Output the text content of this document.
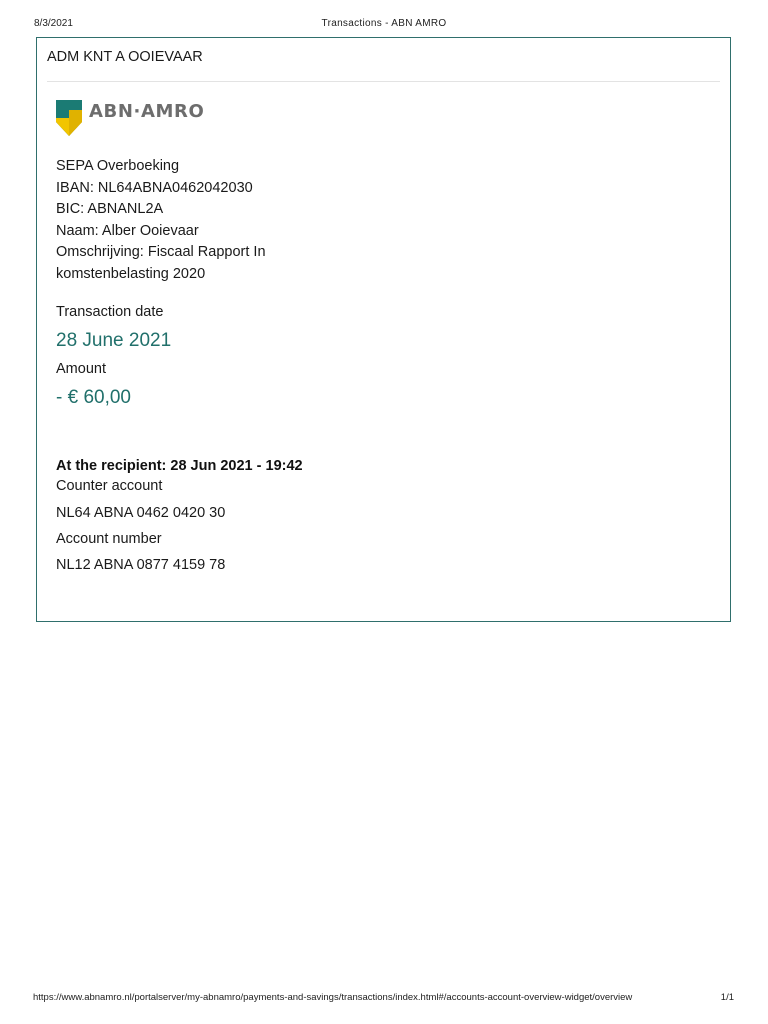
8/3/2021	Transactions - ABN AMRO
ADM KNT A OOIEVAAR
ABN·AMRO
SEPA Overboeking
IBAN: NL64ABNA0462042030
BIC: ABNANL2A
Naam: Alber Ooievaar
Omschrijving: Fiscaal Rapport In
komstenbelasting 2020
Transaction date
28 June 2021
Amount
- € 60,00
At the recipient: 28 Jun 2021 - 19:42
Counter account
NL64 ABNA 0462 0420 30
Account number
NL12 ABNA 0877 4159 78
https://www.abnamro.nl/portalserver/my-abnamro/payments-and-savings/transactions/index.html#/accounts-account-overview-widget/overview	1/1
